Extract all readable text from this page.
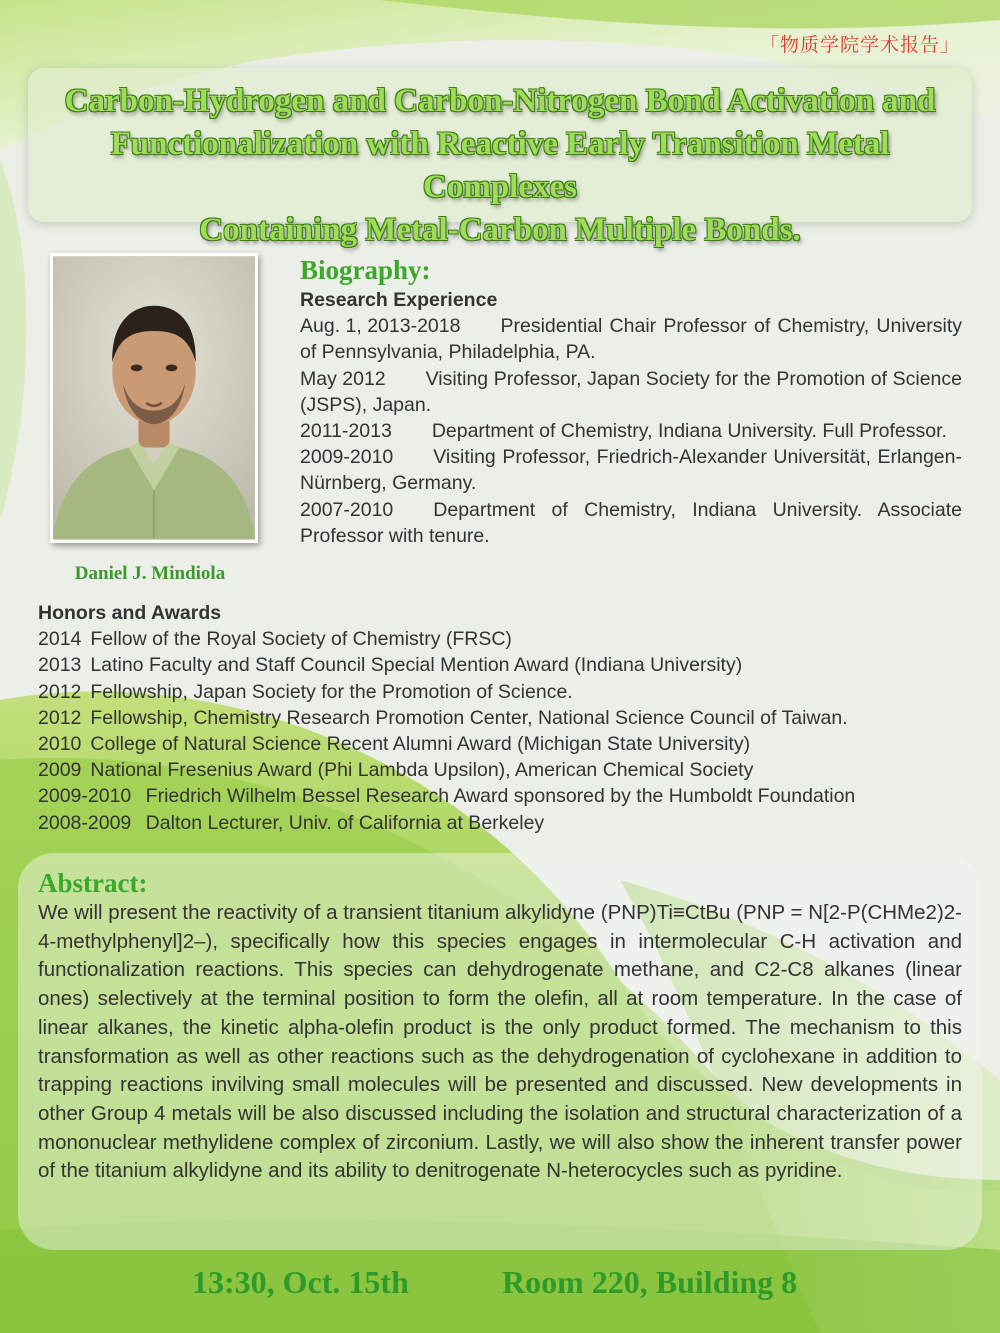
「物质学院学术报告」
Carbon-Hydrogen and Carbon-Nitrogen Bond Activation and
Functionalization with Reactive Early Transition Metal Complexes
Containing Metal-Carbon Multiple Bonds.
Daniel J. Mindiola
Biography:
Research Experience
Aug. 1, 2013-2018 Presidential Chair Professor of Chemistry, University of Pennsylvania, Philadelphia, PA.
May 2012 Visiting Professor, Japan Society for the Promotion of Science (JSPS), Japan.
2011-2013 Department of Chemistry, Indiana University. Full Professor.
2009-2010 Visiting Professor, Friedrich-Alexander Universität, Erlangen-Nürnberg, Germany.
2007-2010 Department of Chemistry, Indiana University. Associate Professor with tenure.
Honors and Awards
2014 Fellow of the Royal Society of Chemistry (FRSC)
2013 Latino Faculty and Staff Council Special Mention Award (Indiana University)
2012 Fellowship, Japan Society for the Promotion of Science.
2012 Fellowship, Chemistry Research Promotion Center, National Science Council of Taiwan.
2010 College of Natural Science Recent Alumni Award (Michigan State University)
2009 National Fresenius Award (Phi Lambda Upsilon), American Chemical Society
2009-2010 Friedrich Wilhelm Bessel Research Award sponsored by the Humboldt Foundation
2008-2009 Dalton Lecturer, Univ. of California at Berkeley
Abstract:
We will present the reactivity of a transient titanium alkylidyne (PNP)Ti≡CtBu (PNP = N[2-P(CHMe2)2-4-methylphenyl]2–), specifically how this species engages in intermolecular C-H activation and functionalization reactions. This species can dehydrogenate methane, and C2-C8 alkanes (linear ones) selectively at the terminal position to form the olefin, all at room temperature. In the case of linear alkanes, the kinetic alpha-olefin product is the only product formed. The mechanism to this transformation as well as other reactions such as the dehydrogenation of cyclohexane in addition to trapping reactions invilving small molecules will be presented and discussed. New developments in other Group 4 metals will be also discussed including the isolation and structural characterization of a mononuclear methylidene complex of zirconium. Lastly, we will also show the inherent transfer power of the titanium alkylidyne and its ability to denitrogenate N-heterocycles such as pyridine.
13:30, Oct. 15th	Room 220, Building 8
